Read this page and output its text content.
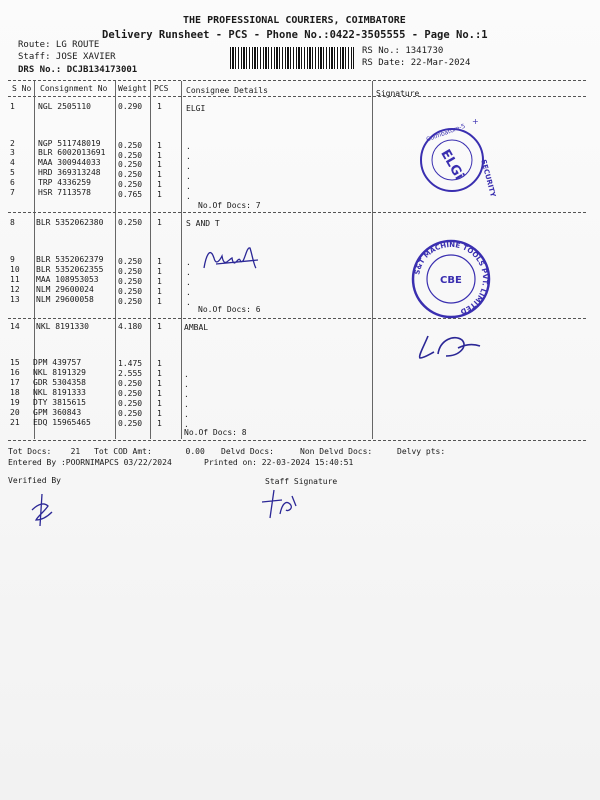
THE PROFESSIONAL COURIERS, COIMBATORE
Delivery Runsheet - PCS - Phone No.:0422-3505555 - Page No.:1
Route: LG ROUTE
Staff: JOSE XAVIER
DRS No.: DCJB134173001
RS No.: 1341730
RS Date: 22-Mar-2024
S No Consignment No Weight PCS Consignee Details	Signature
ELGI
1	NGL 2505110	0.290 1
2	NGP 511748019 0.250 1
3	BLR 6002013691 0.250 1
4	MAA 300944033 0.250 1
5	HRD 369313248 0.250 1
6	TRP 4336259	0.250 1
7	HSR 7113578	0.765 1
.
.
.
.
.
.
No.Of Docs: 7
S AND T
8	BLR 5352062380 0.250 1
9	BLR 5352062379 0.250 1
10 BLR 5352062355 0.250 1
11 MAA 108953053 0.250 1
12 NLM 29600024	0.250 1
13 NLM 29600058	0.250 1
.
.
.
.
.
No.Of Docs: 6
AMBAL
14 NKL 8191330	4.180 1
15 DPM 439757	1.475 1
16 NKL 8191329	2.555 1
17 GDR 5304358	0.250 1
18 NKL 8191333	0.250 1
19 DTY 3815615	0.250 1
20 GPM 360843	0.250 1
21 EDQ 15965465	0.250 1
.
.
.
.
.
.
No.Of Docs: 8
Tot Docs:    21 Tot COD Amt:       0.00 Delvd Docs:	Non Delvd Docs:	Delvy pts:
Entered By :POORNIMAPCS 03/22/2024	Printed on: 22-03-2024 15:40:51
Verified By	Staff Signature
Coimbatore-5
ELGi SECURITY
+
S&T MACHINE TOOLS PVT. LIMITED
CBE
